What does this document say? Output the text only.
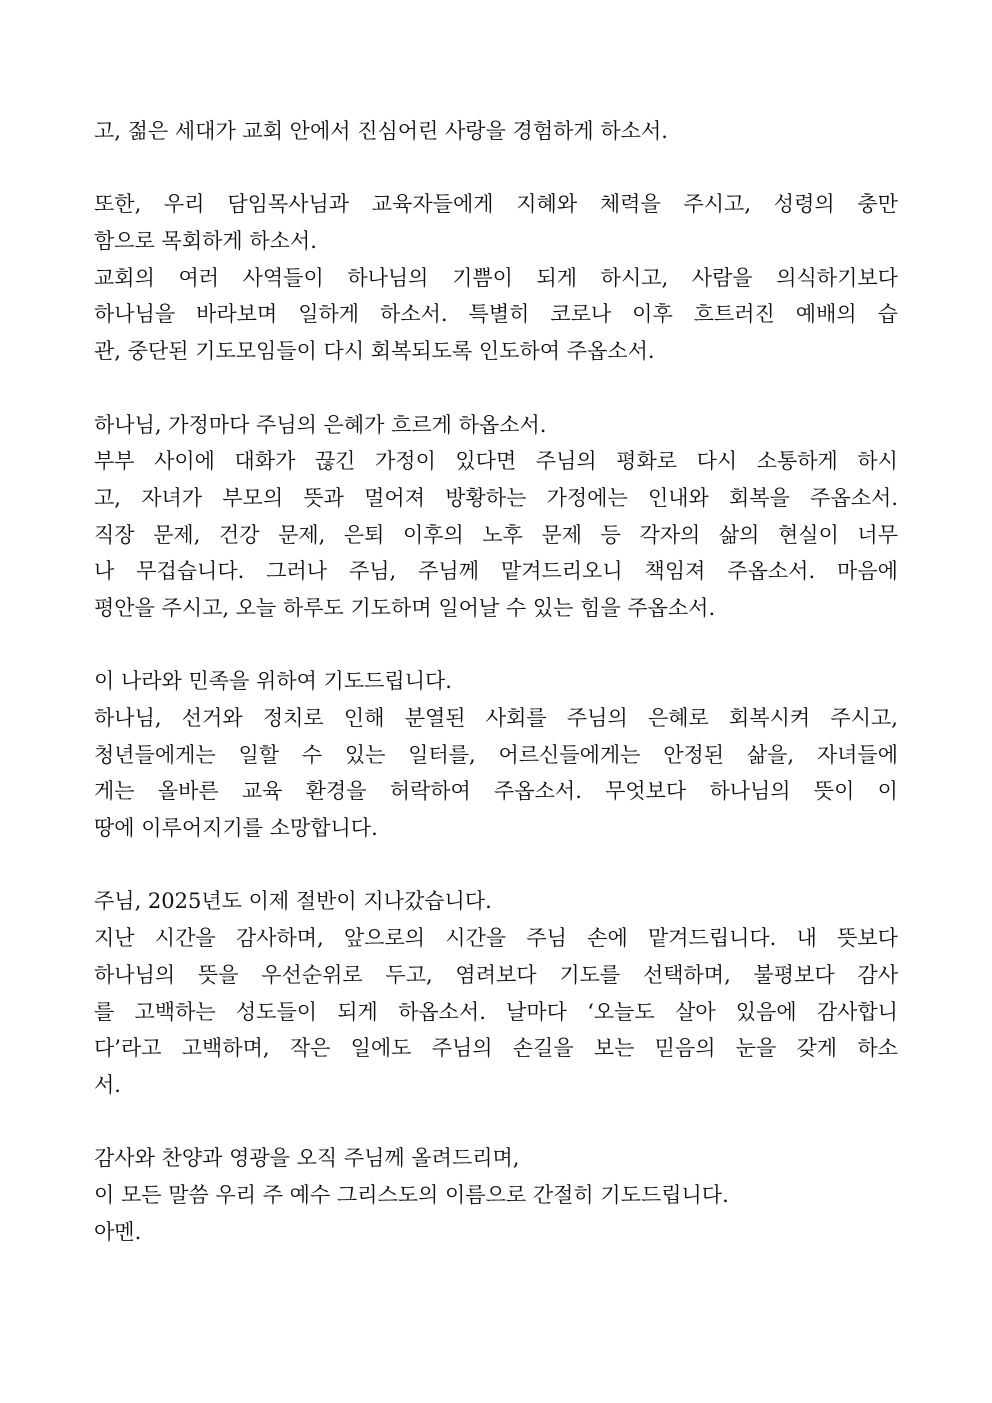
고, 젊은 세대가 교회 안에서 진심어린 사랑을 경험하게 하소서.
또한, 우리 담임목사님과 교육자들에게 지혜와 체력을 주시고, 성령의 충만
함으로 목회하게 하소서.
교회의 여러 사역들이 하나님의 기쁨이 되게 하시고, 사람을 의식하기보다
하나님을 바라보며 일하게 하소서. 특별히 코로나 이후 흐트러진 예배의 습
관, 중단된 기도모임들이 다시 회복되도록 인도하여 주옵소서.
하나님, 가정마다 주님의 은혜가 흐르게 하옵소서.
부부 사이에 대화가 끊긴 가정이 있다면 주님의 평화로 다시 소통하게 하시
고, 자녀가 부모의 뜻과 멀어져 방황하는 가정에는 인내와 회복을 주옵소서.
직장 문제, 건강 문제, 은퇴 이후의 노후 문제 등 각자의 삶의 현실이 너무
나 무겁습니다. 그러나 주님, 주님께 맡겨드리오니 책임져 주옵소서. 마음에
평안을 주시고, 오늘 하루도 기도하며 일어날 수 있는 힘을 주옵소서.
이 나라와 민족을 위하여 기도드립니다.
하나님, 선거와 정치로 인해 분열된 사회를 주님의 은혜로 회복시켜 주시고,
청년들에게는 일할 수 있는 일터를, 어르신들에게는 안정된 삶을, 자녀들에
게는 올바른 교육 환경을 허락하여 주옵소서. 무엇보다 하나님의 뜻이 이
땅에 이루어지기를 소망합니다.
주님, 2025년도 이제 절반이 지나갔습니다.
지난 시간을 감사하며, 앞으로의 시간을 주님 손에 맡겨드립니다. 내 뜻보다
하나님의 뜻을 우선순위로 두고, 염려보다 기도를 선택하며, 불평보다 감사
를 고백하는 성도들이 되게 하옵소서. 날마다 ‘오늘도 살아 있음에 감사합니
다’라고 고백하며, 작은 일에도 주님의 손길을 보는 믿음의 눈을 갖게 하소
서.
감사와 찬양과 영광을 오직 주님께 올려드리며,
이 모든 말씀 우리 주 예수 그리스도의 이름으로 간절히 기도드립니다.
아멘.
